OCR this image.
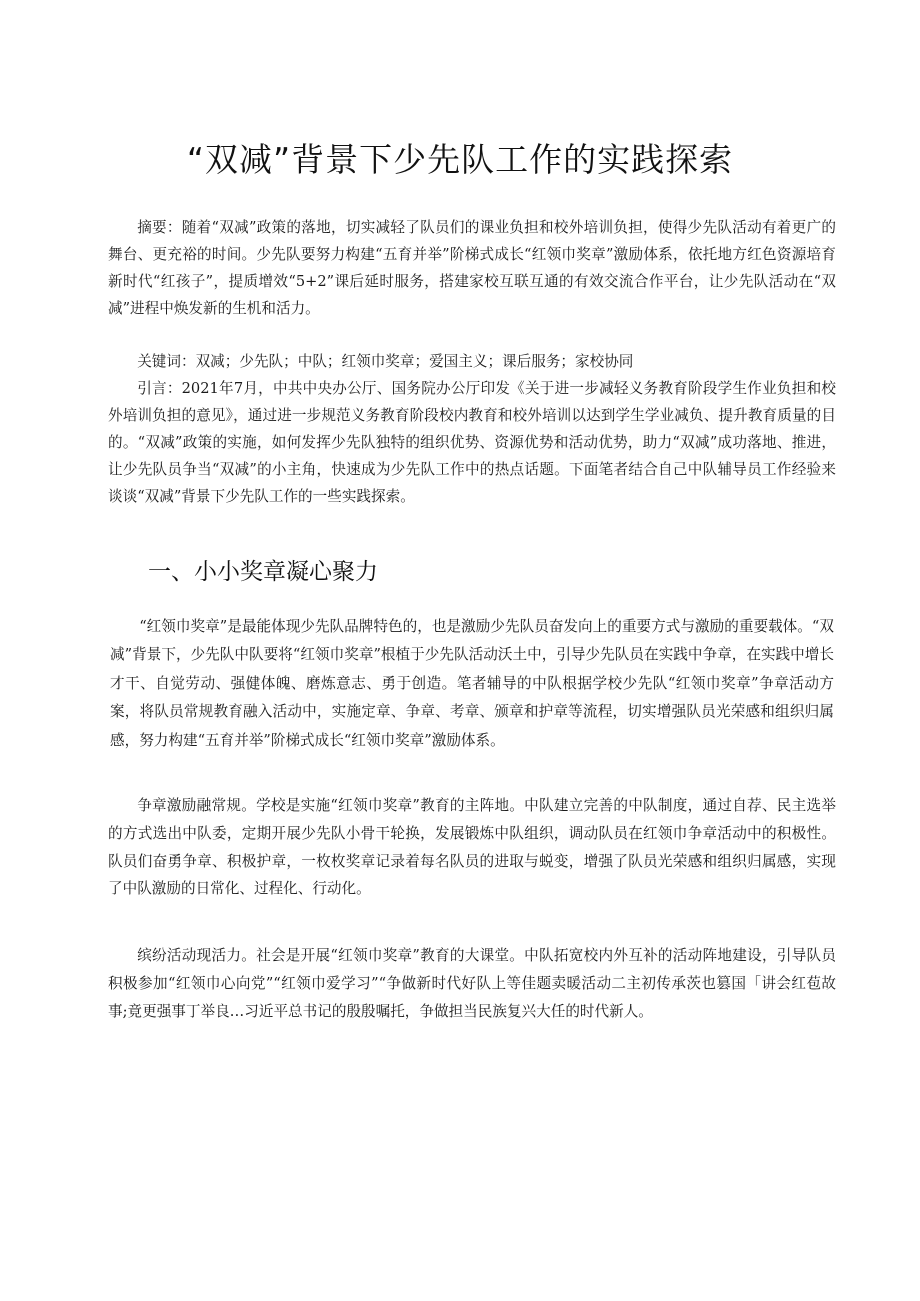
“双减”背景下少先队工作的实践探索

摘要：随着“双减”政策的落地，切实减轻了队员们的课业负担和校外培训负担，使得少先队活动有着更广的舞台、更充裕的时间。少先队要努力构建“五育并举”阶梯式成长“红领巾奖章”激励体系，依托地方红色资源培育新时代“红孩子”，提质增效“5+2”课后延时服务，搭建家校互联互通的有效交流合作平台，让少先队活动在“双减”进程中焕发新的生机和活力。

关键词：双减；少先队；中队；红领巾奖章；爱国主义；课后服务；家校协同

引言：2021年7月，中共中央办公厅、国务院办公厅印发《关于进一步减轻义务教育阶段学生作业负担和校外培训负担的意见》，通过进一步规范义务教育阶段校内教育和校外培训以达到学生学业减负、提升教育质量的目的。“双减”政策的实施，如何发挥少先队独特的组织优势、资源优势和活动优势，助力“双减”成功落地、推进，让少先队员争当“双减”的小主角，快速成为少先队工作中的热点话题。下面笔者结合自己中队辅导员工作经验来谈谈“双减”背景下少先队工作的一些实践探索。

一、小小奖章凝心聚力

“红领巾奖章”是最能体现少先队品牌特色的，也是激励少先队员奋发向上的重要方式与激励的重要载体。“双减”背景下，少先队中队要将“红领巾奖章”根植于少先队活动沃土中，引导少先队员在实践中争章，在实践中增长才干、自觉劳动、强健体魄、磨炼意志、勇于创造。笔者辅导的中队根据学校少先队“红领巾奖章”争章活动方案，将队员常规教育融入活动中，实施定章、争章、考章、颁章和护章等流程，切实增强队员光荣感和组织归属感，努力构建“五育并举”阶梯式成长“红领巾奖章”激励体系。

争章激励融常规。学校是实施“红领巾奖章”教育的主阵地。中队建立完善的中队制度，通过自荐、民主选举的方式选出中队委，定期开展少先队小骨干轮换，发展锻炼中队组织，调动队员在红领巾争章活动中的积极性。队员们奋勇争章、积极护章，一枚枚奖章记录着每名队员的进取与蜕变，增强了队员光荣感和组织归属感，实现了中队激励的日常化、过程化、行动化。

缤纷活动现活力。社会是开展“红领巾奖章”教育的大课堂。中队拓宽校内外互补的活动阵地建设，引导队员积极参加“红领巾心向党”“红领巾爱学习”“争做新时代好队上等佳题卖暖活动二主初传承茨也篡国「讲会红苞故事;竟更强事丁举良…习近平总书记的殷殷嘱托，争做担当民族复兴大任的时代新人。
